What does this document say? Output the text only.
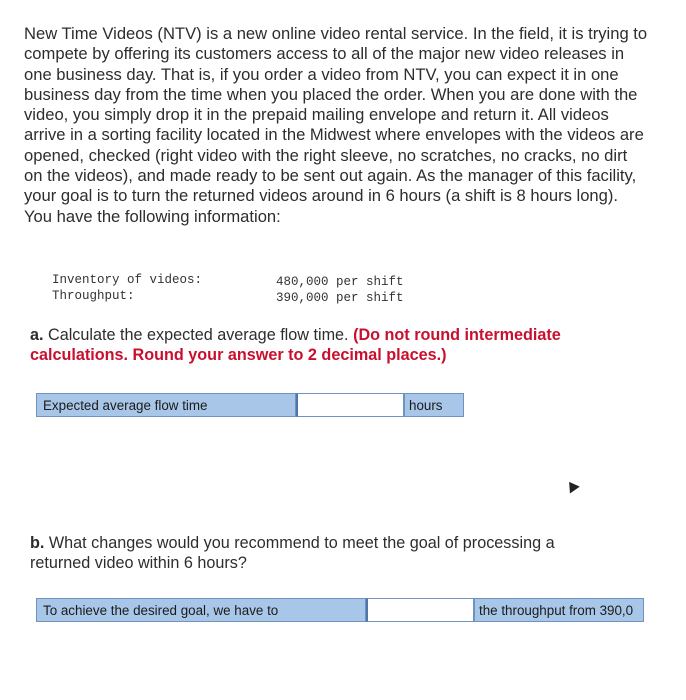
New Time Videos (NTV) is a new online video rental service. In the field, it is trying to compete by offering its customers access to all of the major new video releases in one business day. That is, if you order a video from NTV, you can expect it in one business day from the time when you placed the order. When you are done with the video, you simply drop it in the prepaid mailing envelope and return it. All videos arrive in a sorting facility located in the Midwest where envelopes with the videos are opened, checked (right video with the right sleeve, no scratches, no cracks, no dirt on the videos), and made ready to be sent out again. As the manager of this facility, your goal is to turn the returned videos around in 6 hours (a shift is 8 hours long). You have the following information:
Inventory of videos:	480,000 per shift
Throughput:	390,000 per shift
a. Calculate the expected average flow time. (Do not round intermediate calculations. Round your answer to 2 decimal places.)
Expected average flow time	hours
b. What changes would you recommend to meet the goal of processing a returned video within 6 hours?
To achieve the desired goal, we have to	the throughput from 390,0
